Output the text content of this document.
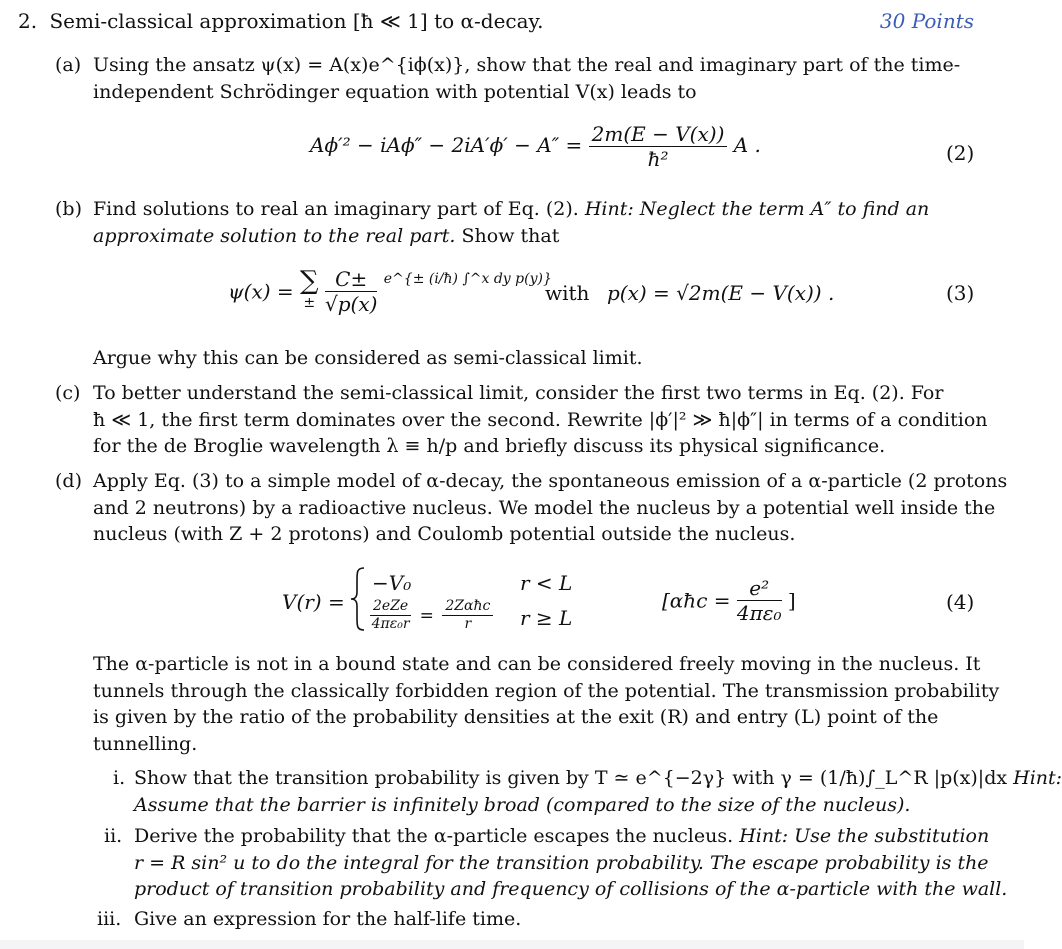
2. Semi-classical approximation [ħ ≪ 1] to α-decay.	30 Points
(a) Using the ansatz ψ(x) = A(x)e^{iϕ(x)}, show that the real and imaginary part of the time-
independent Schrödinger equation with potential V(x) leads to
$A\phi'^2 - iA\phi'' - 2iA'\phi' - A'' = \frac{2m(E - V(x))}{\text{ħ²}}$ A .	(2)
(b) Find solutions to real an imaginary part of Eq. (2). Hint: Neglect the term A″ to find an
approximate solution to the real part. Show that
ψ(x) = ∑
±
$\frac{C\pm}{√p(x)} ^{e\^{}\{\pm (i/ħ) \int\^{}x dy p(y)\}}$
with p(x) = √2m(E − V(x)) .	(3)
Argue why this can be considered as semi-classical limit.
(c) To better understand the semi-classical limit, consider the first two terms in Eq. (2). For
ħ ≪ 1, the first term dominates over the second. Rewrite |ϕ′|² ≫ ħ|ϕ″| in terms of a condition
for the de Broglie wavelength λ ≡ h/p and briefly discuss its physical significance.
(d) Apply Eq. (3) to a simple model of α-decay, the spontaneous emission of a α-particle (2 protons
and 2 neutrons) by a radioactive nucleus. We model the nucleus by a potential well inside the
nucleus (with Z + 2 protons) and Coulomb potential outside the nucleus.
V(r) =
−V₀	r < L
$\frac{\text{2eZe}}{\text{4πε₀r}} = \frac{\text{2Zαħc}}{r}$ r ≥ L
[αħc = $\frac{\text{e²}}{\text{4πε₀}}$ ]	(4)
The α-particle is not in a bound state and can be considered freely moving in the nucleus. It
tunnels through the classically forbidden region of the potential. The transmission probability
is given by the ratio of the probability densities at the exit (R) and entry (L) point of the
tunnelling.
i. Show that the transition probability is given by T ≃ e^{−2γ} with γ = (1/ħ)∫_L^R |p(x)|dx Hint:
Assume that the barrier is infinitely broad (compared to the size of the nucleus).
ii. Derive the probability that the α-particle escapes the nucleus. Hint: Use the substitution
r = R sin² u to do the integral for the transition probability. The escape probability is the
product of transition probability and frequency of collisions of the α-particle with the wall.
iii. Give an expression for the half-life time.
